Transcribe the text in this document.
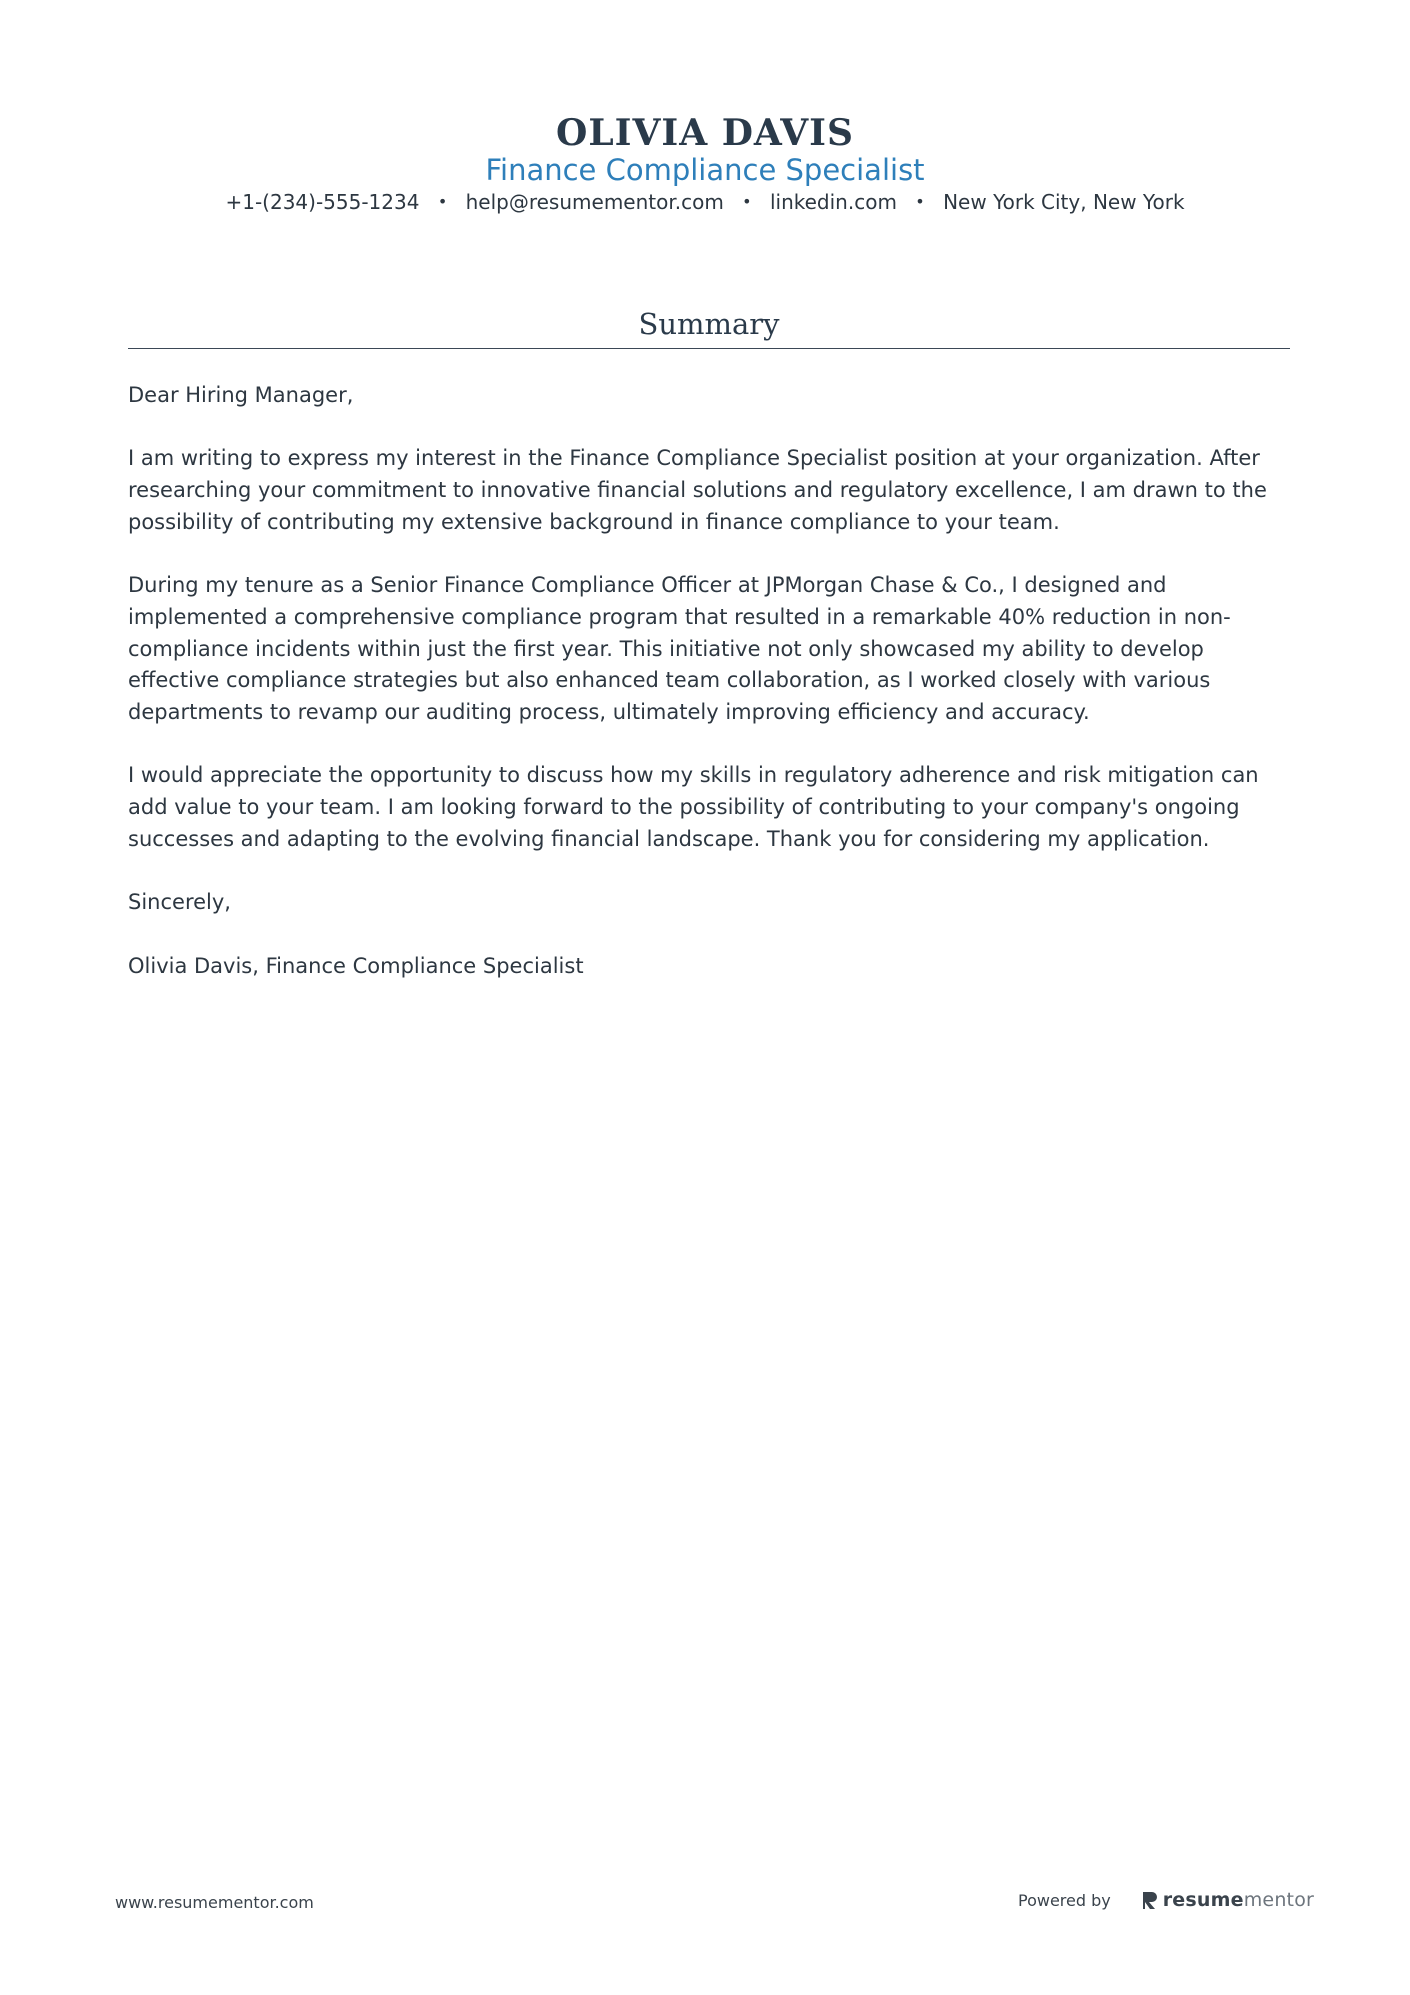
OLIVIA DAVIS
Finance Compliance Specialist
+1-(234)-555-1234 • help@resumementor.com • linkedin.com • New York City, New York
Summary

Dear Hiring Manager,

I am writing to express my interest in the Finance Compliance Specialist position at your organization. After researching your commitment to innovative financial solutions and regulatory excellence, I am drawn to the possibility of contributing my extensive background in finance compliance to your team.

During my tenure as a Senior Finance Compliance Officer at JPMorgan Chase & Co., I designed and implemented a comprehensive compliance program that resulted in a remarkable 40% reduction in non-compliance incidents within just the first year. This initiative not only showcased my ability to develop effective compliance strategies but also enhanced team collaboration, as I worked closely with various departments to revamp our auditing process, ultimately improving efficiency and accuracy.

I would appreciate the opportunity to discuss how my skills in regulatory adherence and risk mitigation can add value to your team. I am looking forward to the possibility of contributing to your company's ongoing successes and adapting to the evolving financial landscape. Thank you for considering my application.

Sincerely,

Olivia Davis, Finance Compliance Specialist

www.resumementor.com	Powered by	resume mentor
